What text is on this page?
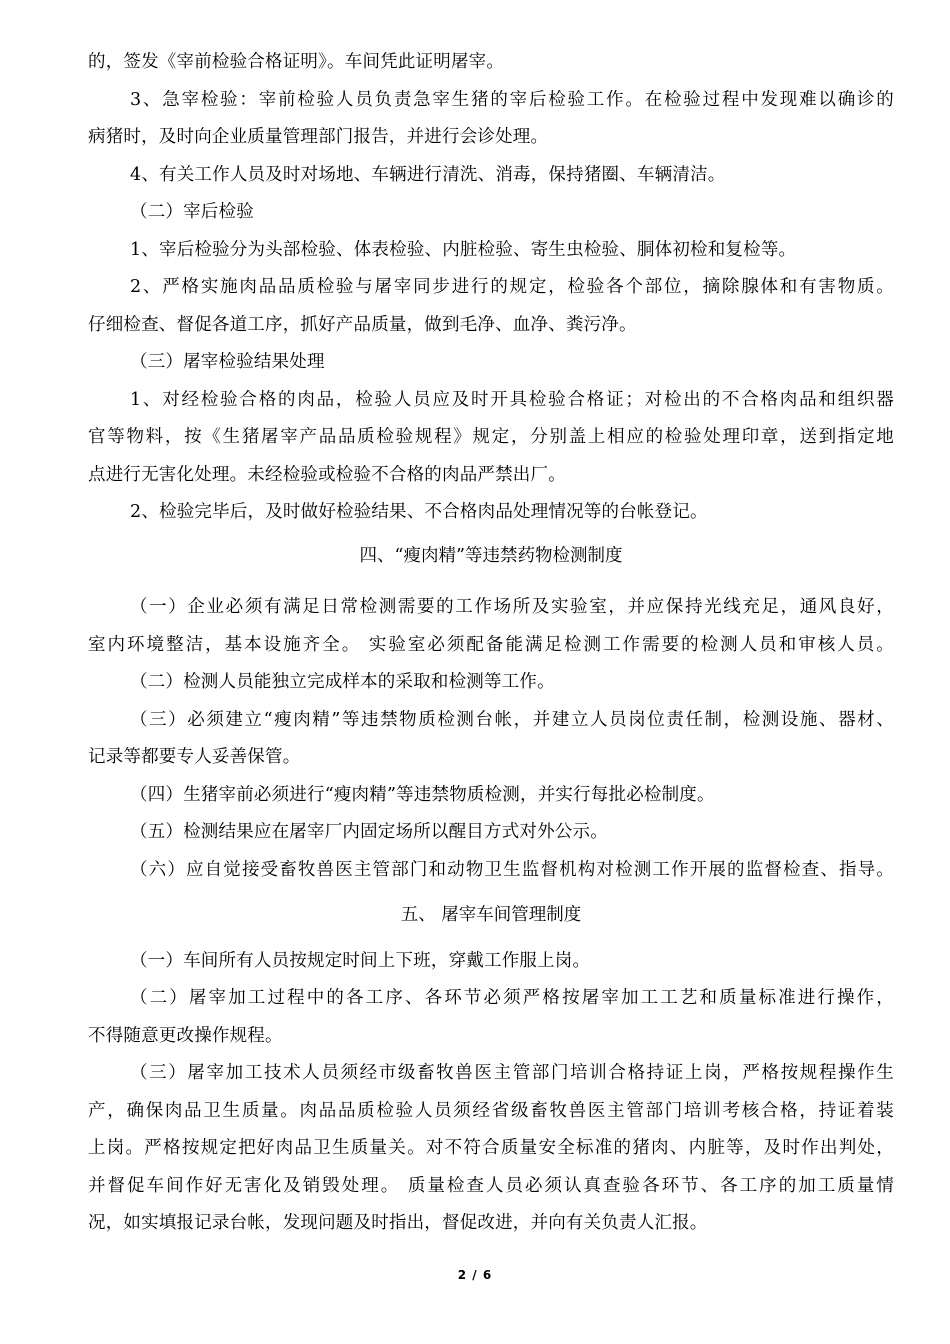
的，签发《宰前检验合格证明》。车间凭此证明屠宰。
3、急宰检验：宰前检验人员负责急宰生猪的宰后检验工作。在检验过程中发现难以确诊的
病猪时，及时向企业质量管理部门报告，并进行会诊处理。
4、有关工作人员及时对场地、车辆进行清洗、消毒，保持猪圈、车辆清洁。
（二）宰后检验
1、宰后检验分为头部检验、体表检验、内脏检验、寄生虫检验、胴体初检和复检等。
2、严格实施肉品品质检验与屠宰同步进行的规定，检验各个部位，摘除腺体和有害物质。
仔细检查、督促各道工序，抓好产品质量，做到毛净、血净、粪污净。
（三）屠宰检验结果处理
1、对经检验合格的肉品，检验人员应及时开具检验合格证；对检出的不合格肉品和组织器
官等物料，按《生猪屠宰产品品质检验规程》规定，分别盖上相应的检验处理印章，送到指定地
点进行无害化处理。未经检验或检验不合格的肉品严禁出厂。
2、检验完毕后，及时做好检验结果、不合格肉品处理情况等的台帐登记。
四、“瘦肉精”等违禁药物检测制度
（一）企业必须有满足日常检测需要的工作场所及实验室，并应保持光线充足，通风良好，
室内环境整洁，基本设施齐全。 实验室必须配备能满足检测工作需要的检测人员和审核人员。
（二）检测人员能独立完成样本的采取和检测等工作。
（三）必须建立“瘦肉精”等违禁物质检测台帐，并建立人员岗位责任制，检测设施、器材、
记录等都要专人妥善保管。
（四）生猪宰前必须进行“瘦肉精”等违禁物质检测，并实行每批必检制度。
（五）检测结果应在屠宰厂内固定场所以醒目方式对外公示。
（六）应自觉接受畜牧兽医主管部门和动物卫生监督机构对检测工作开展的监督检查、指导。
五、 屠宰车间管理制度
（一）车间所有人员按规定时间上下班，穿戴工作服上岗。
（二）屠宰加工过程中的各工序、各环节必须严格按屠宰加工工艺和质量标准进行操作，
不得随意更改操作规程。
（三）屠宰加工技术人员须经市级畜牧兽医主管部门培训合格持证上岗，严格按规程操作生
产，确保肉品卫生质量。肉品品质检验人员须经省级畜牧兽医主管部门培训考核合格，持证着装
上岗。严格按规定把好肉品卫生质量关。对不符合质量安全标准的猪肉、内脏等，及时作出判处，
并督促车间作好无害化及销毁处理。 质量检查人员必须认真查验各环节、各工序的加工质量情
况，如实填报记录台帐，发现问题及时指出，督促改进，并向有关负责人汇报。
2 / 6
